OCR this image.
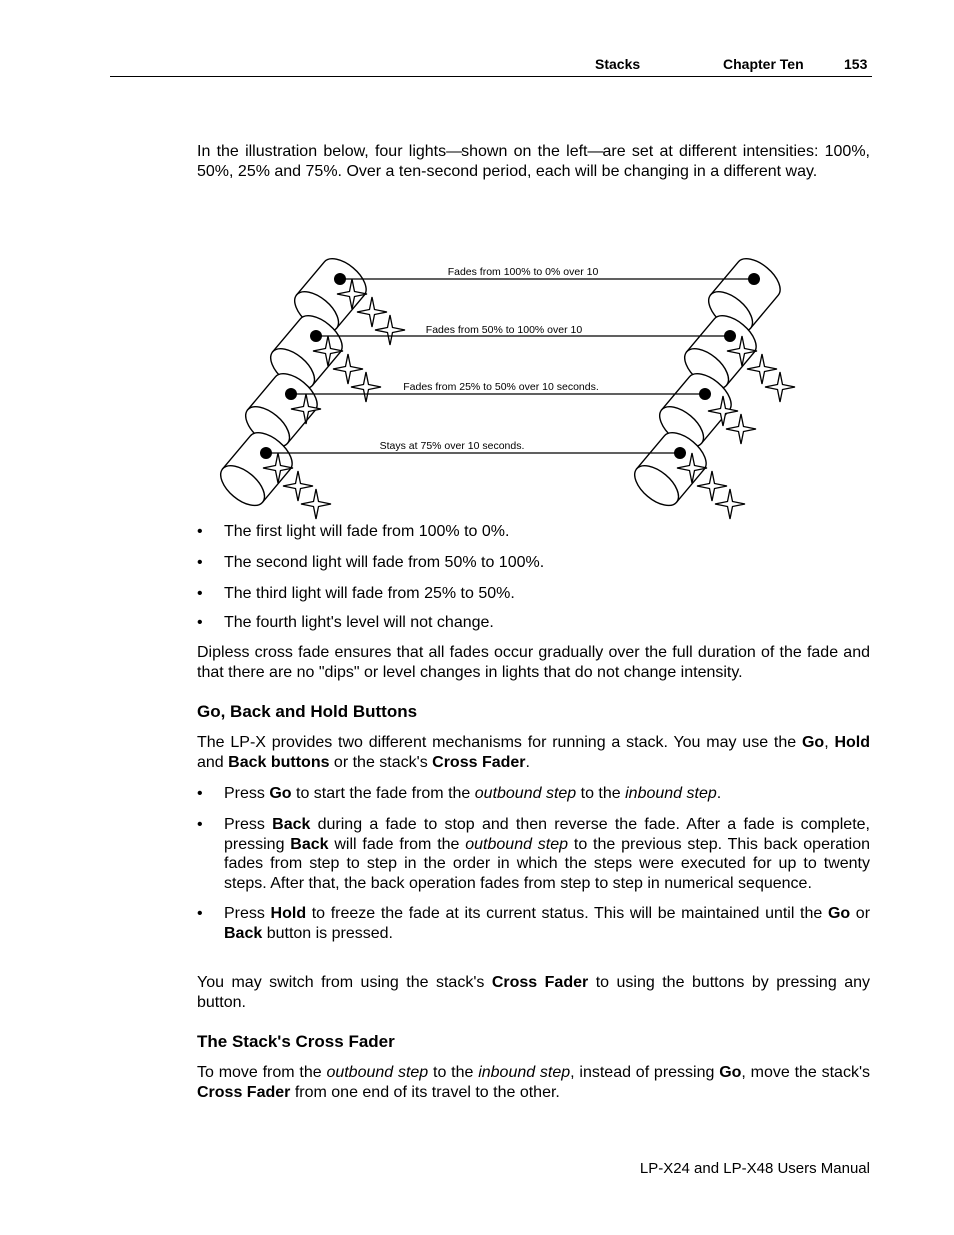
Stacks	Chapter Ten	153

In the illustration below, four lights—shown on the left—are set at different intensities: 100%, 50%, 25% and 75%. Over a ten-second period, each will be changing in a different way.

Fades from 100% to 0% over 10
Fades from 50% to 100% over 10
Fades from 25% to 50% over 10 seconds.
Stays at 75% over 10 seconds.
• The first light will fade from 100% to 0%.
• The second light will fade from 50% to 100%.
• The third light will fade from 25% to 50%.
• The fourth light's level will not change.

Dipless cross fade ensures that all fades occur gradually over the full duration of the fade and that there are no "dips" or level changes in lights that do not change intensity.

Go, Back and Hold Buttons

The LP-X provides two different mechanisms for running a stack. You may use the Go, Hold and Back buttons or the stack's Cross Fader.

• Press Go to start the fade from the outbound step to the inbound step.
• Press Back during a fade to stop and then reverse the fade. After a fade is complete, pressing Back will fade from the outbound step to the previous step. This back operation fades from step to step in the order in which the steps were executed for up to twenty steps. After that, the back operation fades from step to step in numerical sequence.
• Press Hold to freeze the fade at its current status. This will be maintained until the Go or Back button is pressed.

You may switch from using the stack's Cross Fader to using the buttons by pressing any button.

The Stack's Cross Fader

To move from the outbound step to the inbound step, instead of pressing Go, move the stack's Cross Fader from one end of its travel to the other.

LP-X24 and LP-X48 Users Manual
